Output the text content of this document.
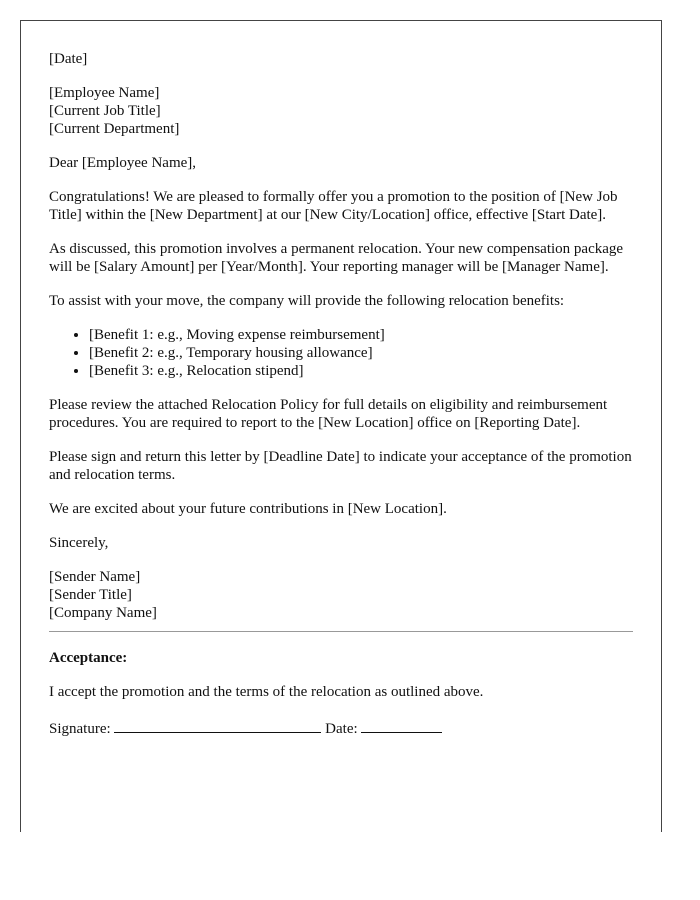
[Date]

[Employee Name]
[Current Job Title]
[Current Department]

Dear [Employee Name],

Congratulations! We are pleased to formally offer you a promotion to the position of [New Job Title] within the [New Department] at our [New City/Location] office, effective [Start Date].

As discussed, this promotion involves a permanent relocation. Your new compensation package will be [Salary Amount] per [Year/Month]. Your reporting manager will be [Manager Name].

To assist with your move, the company will provide the following relocation benefits:

• [Benefit 1: e.g., Moving expense reimbursement]
• [Benefit 2: e.g., Temporary housing allowance]
• [Benefit 3: e.g., Relocation stipend]

Please review the attached Relocation Policy for full details on eligibility and reimbursement procedures. You are required to report to the [New Location] office on [Reporting Date].

Please sign and return this letter by [Deadline Date] to indicate your acceptance of the promotion and relocation terms.

We are excited about your future contributions in [New Location].

Sincerely,

[Sender Name]
[Sender Title]
[Company Name]

Acceptance:

I accept the promotion and the terms of the relocation as outlined above.

Signature:	Date:
